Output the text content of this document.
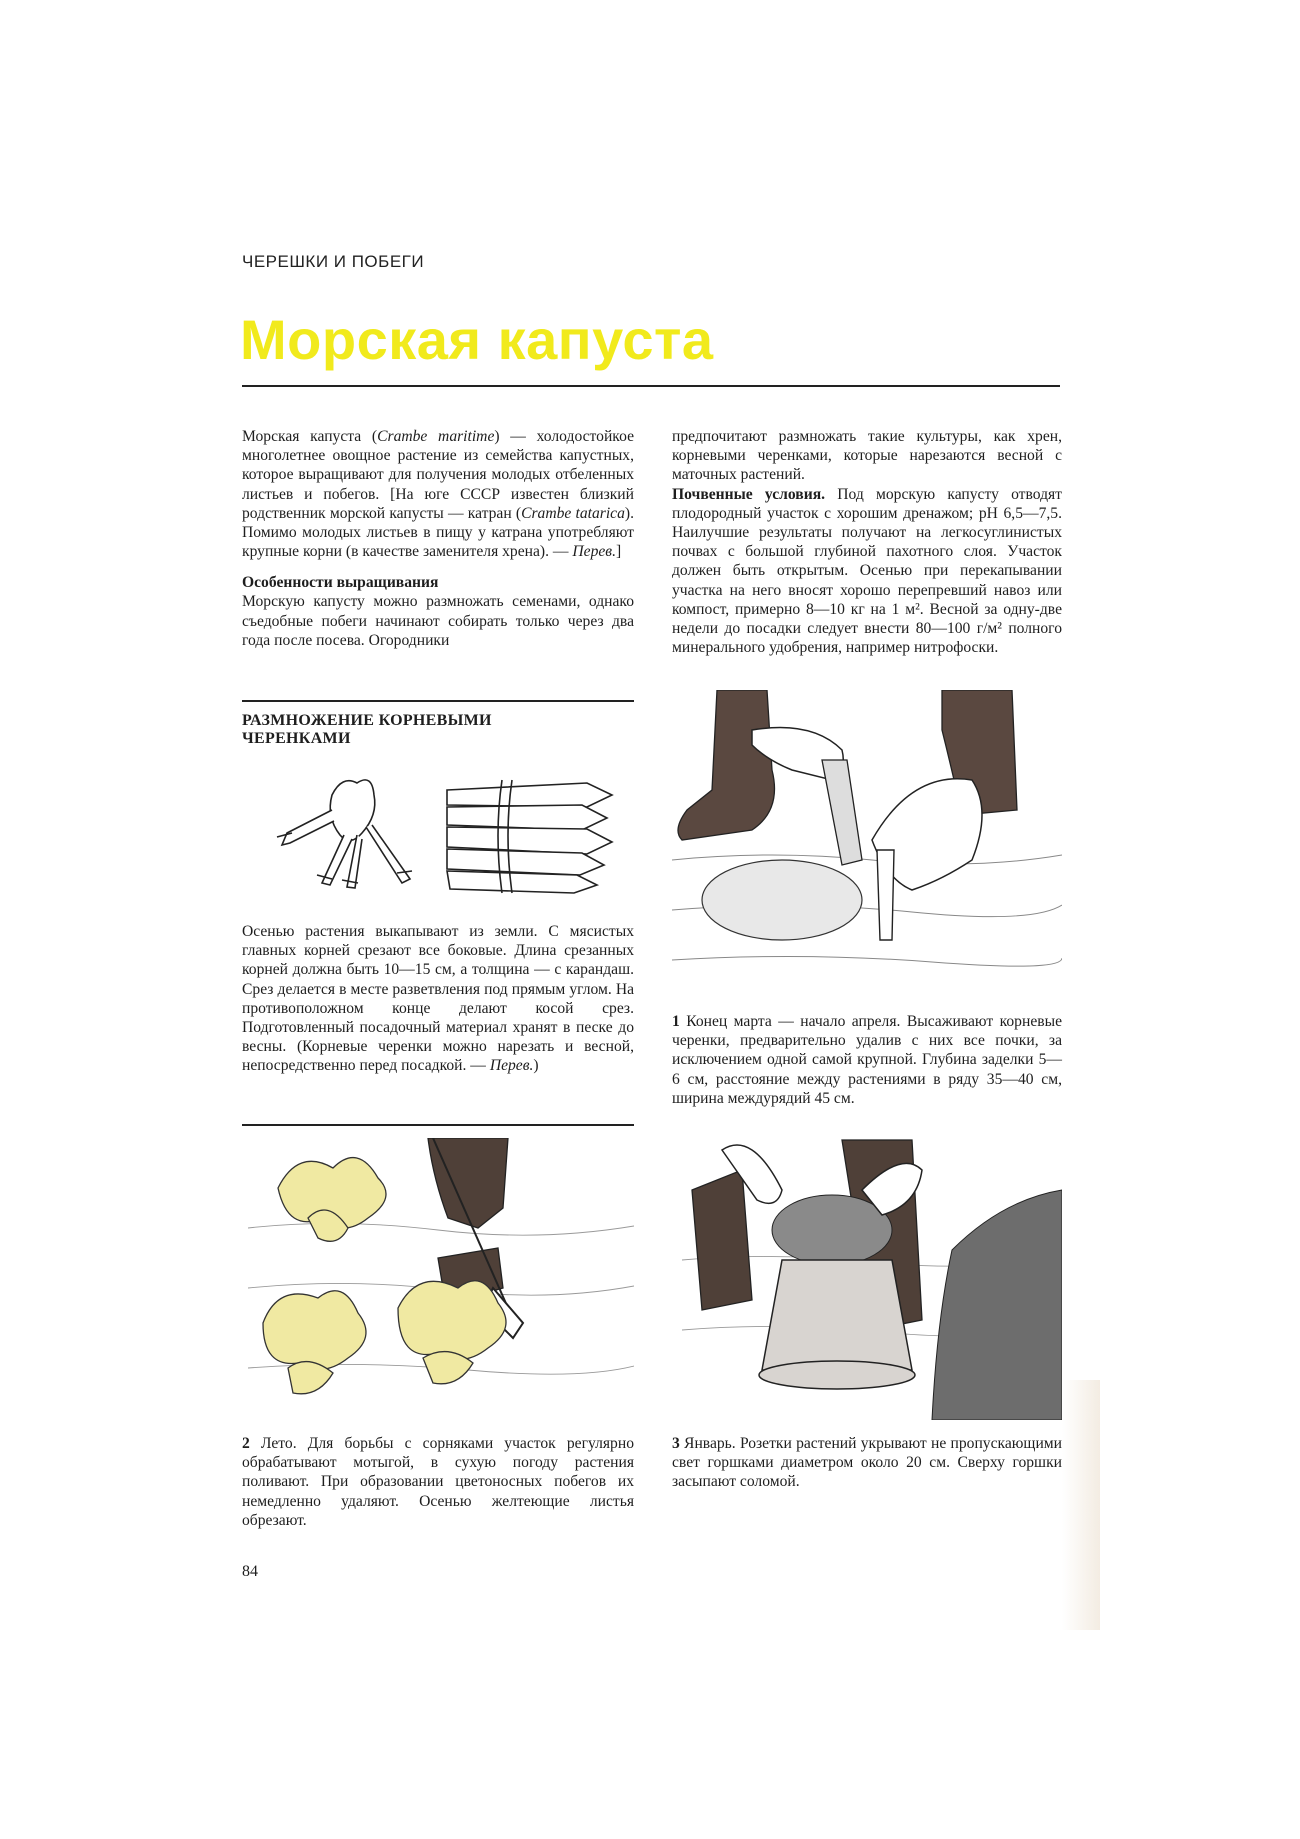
ЧЕРЕШКИ И ПОБЕГИ
Морская капуста

Морская капуста (Crambe maritime) — холодостойкое многолетнее овощное растение из семейства капустных, которое выращивают для получения молодых отбеленных листьев и побегов. [На юге СССР известен близкий родственник морской капусты — катран (Crambe tatarica). Помимо молодых листьев в пищу у катрана употребляют крупные корни (в качестве заменителя хрена). — Перев.]

Особенности выращивания

Морскую капусту можно размножать семенами, однако съедобные побеги начинают собирать только через два года после посева. Огородники

РАЗМНОЖЕНИЕ КОРНЕВЫМИ
ЧЕРЕНКАМИ

Осенью растения выкапывают из земли. С мясистых главных корней срезают все боковые. Длина срезанных корней должна быть 10—15 см, а толщина — с карандаш. Срез делается в месте разветвления под прямым углом. На противоположном конце делают косой срез. Подготовленный посадочный материал хранят в песке до весны. (Корневые черенки можно нарезать и весной, непосредственно перед посадкой. — Перев.)

предпочитают размножать такие культуры, как хрен, корневыми черенками, которые нарезаются весной с маточных растений.

Почвенные условия. Под морскую капусту отводят плодородный участок с хорошим дренажом; pH 6,5—7,5. Наилучшие результаты получают на легкосуглинистых почвах с большой глубиной пахотного слоя. Участок должен быть открытым. Осенью при перекапывании участка на него вносят хорошо перепревший навоз или компост, примерно 8—10 кг на 1 м². Весной за одну-две недели до посадки следует внести 80—100 г/м² полного минерального удобрения, например нитрофоски.

1 Конец марта — начало апреля. Высаживают корневые черенки, предварительно удалив с них все почки, за исключением одной самой крупной. Глубина заделки 5—6 см, расстояние между растениями в ряду 35—40 см, ширина междурядий 45 см.
2 Лето. Для борьбы с сорняками участок регулярно обрабатывают мотыгой, в сухую погоду растения поливают. При образовании цветоносных побегов их немедленно удаляют. Осенью желтеющие листья обрезают.
3 Январь. Розетки растений укрывают не пропускающими свет горшками диаметром около 20 см. Сверху горшки засыпают соломой.
84
